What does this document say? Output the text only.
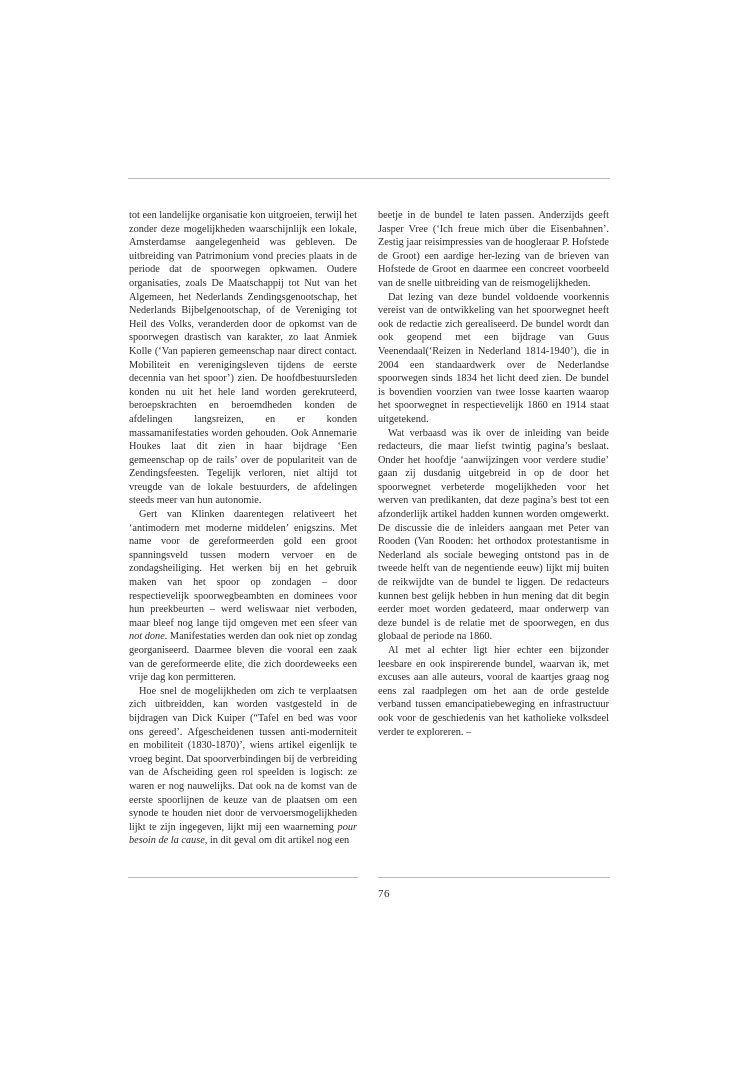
tot een landelijke organisatie kon uitgroeien, terwijl het zonder deze mogelijkheden waarschijnlijk een lokale, Amsterdamse aangelegenheid was gebleven. De uitbreiding van Patrimonium vond precies plaats in de periode dat de spoorwegen opkwamen. Oudere organisaties, zoals De Maatschappij tot Nut van het Algemeen, het Nederlands Zendingsgenootschap, het Nederlands Bijbelgenootschap, of de Vereniging tot Heil des Volks, veranderden door de opkomst van de spoorwegen drastisch van karakter, zo laat Anmiek Kolle (‘Van papieren gemeenschap naar direct contact. Mobiliteit en verenigingsleven tijdens de eerste decennia van het spoor’) zien. De hoofdbestuursleden konden nu uit het hele land worden gerekruteerd, beroepskrachten en beroemdheden konden de afdelingen langsreizen, en er konden massamanifestaties worden gehouden. Ook Annemarie Houkes laat dit zien in haar bijdrage ‘Een gemeenschap op de rails’ over de populariteit van de Zendingsfeesten. Tegelijk verloren, niet altijd tot vreugde van de lokale bestuurders, de afdelingen steeds meer van hun autonomie.

Gert van Klinken daarentegen relativeert het ‘antimodern met moderne middelen’ enigszins. Met name voor de gereformeerden gold een groot spanningsveld tussen modern vervoer en de zondagsheiliging. Het werken bij en het gebruik maken van het spoor op zondagen – door respectievelijk spoorwegbeambten en dominees voor hun preekbeurten – werd weliswaar niet verboden, maar bleef nog lange tijd omgeven met een sfeer van not done. Manifestaties werden dan ook niet op zondag georganiseerd. Daarmee bleven die vooral een zaak van de gereformeerde elite, die zich doordeweeks een vrije dag kon permitteren.

Hoe snel de mogelijkheden om zich te verplaatsen zich uitbreidden, kan worden vastgesteld in de bijdragen van Dick Kuiper (“Tafel en bed was voor ons gereed’. Afgescheidenen tussen anti-moderniteit en mobiliteit (1830-1870)’, wiens artikel eigenlijk te vroeg begint. Dat spoorverbindingen bij de verbreiding van de Afscheiding geen rol speelden is logisch: ze waren er nog nauwelijks. Dat ook na de komst van de eerste spoorlijnen de keuze van de plaatsen om een synode te houden niet door de vervoersmogelijkheden lijkt te zijn ingegeven, lijkt mij een waarneming pour besoin de la cause, in dit geval om dit artikel nog een

beetje in de bundel te laten passen. Anderzijds geeft Jasper Vree (‘Ich freue mich über die Eisenbahnen’. Zestig jaar reisimpressies van de hoogleraar P. Hofstede de Groot) een aardige her-lezing van de brieven van Hofstede de Groot en daarmee een concreet voorbeeld van de snelle uitbreiding van de reismogelijkheden.

Dat lezing van deze bundel voldoende voorkennis vereist van de ontwikkeling van het spoorwegnet heeft ook de redactie zich gerealiseerd. De bundel wordt dan ook geopend met een bijdrage van Guus Veenendaal(‘Reizen in Nederland 1814-1940’), die in 2004 een standaardwerk over de Nederlandse spoorwegen sinds 1834 het licht deed zien. De bundel is bovendien voorzien van twee losse kaarten waarop het spoorwegnet in respectievelijk 1860 en 1914 staat uitgetekend.

Wat verbaasd was ik over de inleiding van beide redacteurs, die maar liefst twintig pagina’s beslaat. Onder het hoofdje ‘aanwijzingen voor verdere studie’ gaan zij dusdanig uitgebreid in op de door het spoorwegnet verbeterde mogelijkheden voor het werven van predikanten, dat deze pagina’s best tot een afzonderlijk artikel hadden kunnen worden omgewerkt. De discussie die de inleiders aangaan met Peter van Rooden (Van Rooden: het orthodox protestantisme in Nederland als sociale beweging ontstond pas in de tweede helft van de negentiende eeuw) lijkt mij buiten de reikwijdte van de bundel te liggen. De redacteurs kunnen best gelijk hebben in hun mening dat dit begin eerder moet worden gedateerd, maar onderwerp van deze bundel is de relatie met de spoorwegen, en dus globaal de periode na 1860.

Al met al echter ligt hier echter een bijzonder leesbare en ook inspirerende bundel, waarvan ik, met excuses aan alle auteurs, vooral de kaartjes graag nog eens zal raadplegen om het aan de orde gestelde verband tussen emancipatiebeweging en infrastructuur ook voor de geschiedenis van het katholieke volksdeel verder te exploreren. –

76
